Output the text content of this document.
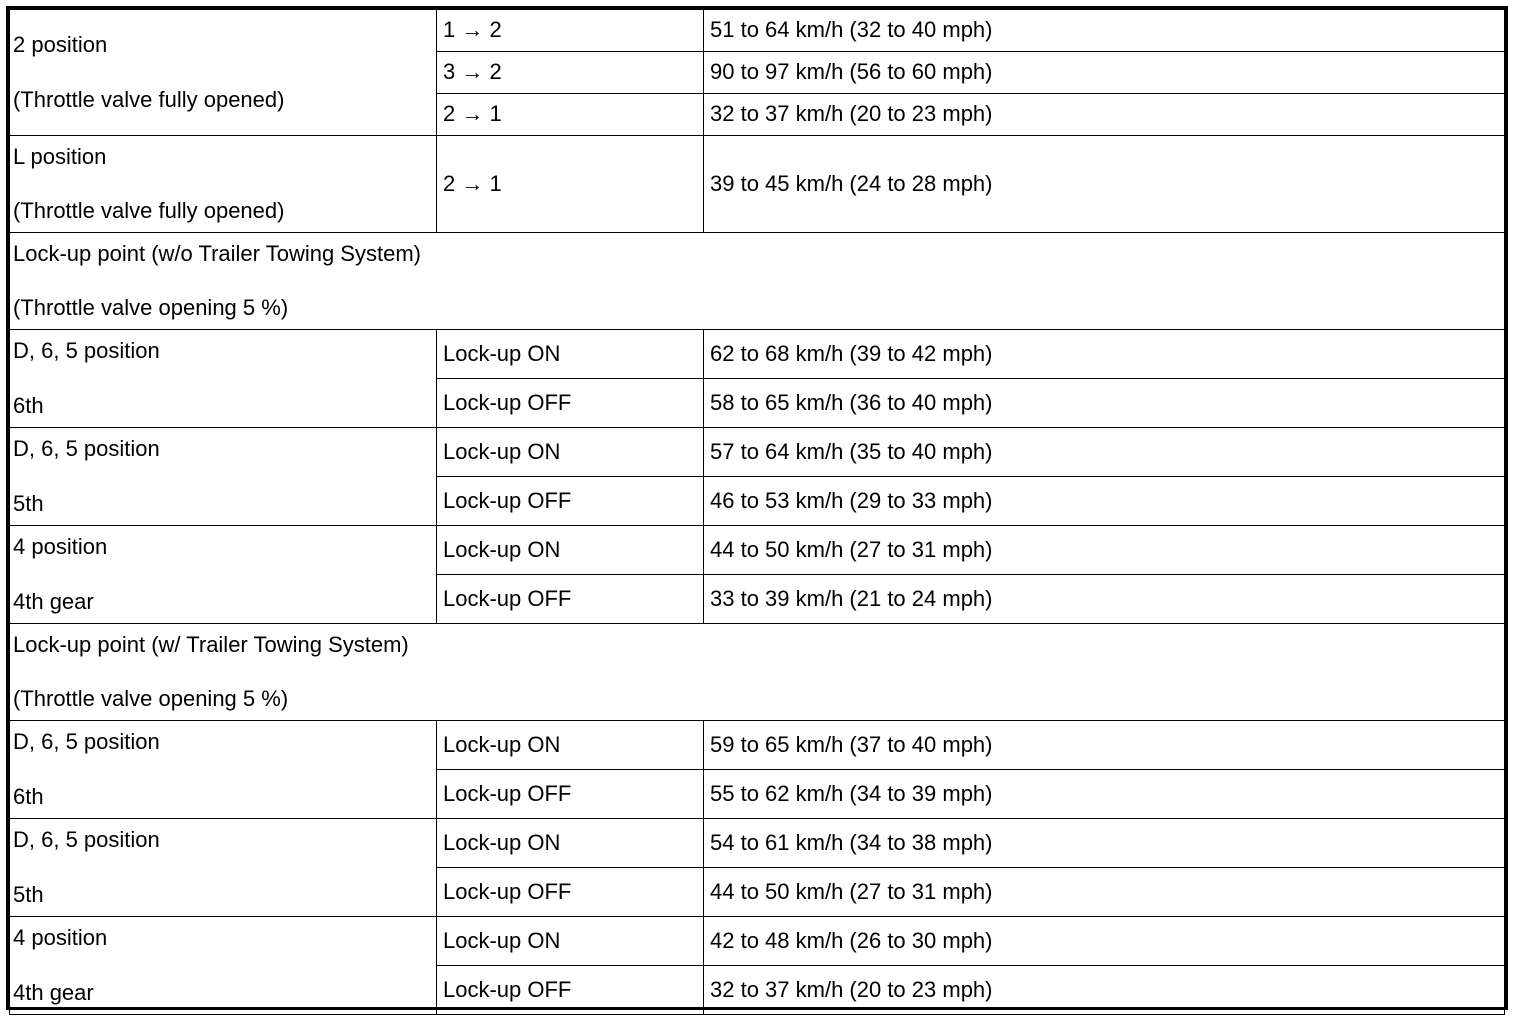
2 position
(Throttle valve fully opened)	1 → 2	51 to 64 km/h (32 to 40 mph)
	3 → 2	90 to 97 km/h (56 to 60 mph)
	2 → 1	32 to 37 km/h (20 to 23 mph)
L position
(Throttle valve fully opened)	2 → 1	39 to 45 km/h (24 to 28 mph)
Lock-up point (w/o Trailer Towing System)
(Throttle valve opening 5 %)		
D, 6, 5 position
6th	Lock-up ON	62 to 68 km/h (39 to 42 mph)
	Lock-up OFF	58 to 65 km/h (36 to 40 mph)
D, 6, 5 position
5th	Lock-up ON	57 to 64 km/h (35 to 40 mph)
	Lock-up OFF	46 to 53 km/h (29 to 33 mph)
4 position
4th gear	Lock-up ON	44 to 50 km/h (27 to 31 mph)
	Lock-up OFF	33 to 39 km/h (21 to 24 mph)
Lock-up point (w/ Trailer Towing System)
(Throttle valve opening 5 %)		
D, 6, 5 position
6th	Lock-up ON	59 to 65 km/h (37 to 40 mph)
	Lock-up OFF	55 to 62 km/h (34 to 39 mph)
D, 6, 5 position
5th	Lock-up ON	54 to 61 km/h (34 to 38 mph)
	Lock-up OFF	44 to 50 km/h (27 to 31 mph)
4 position
4th gear	Lock-up ON	42 to 48 km/h (26 to 30 mph)
	Lock-up OFF	32 to 37 km/h (20 to 23 mph)
